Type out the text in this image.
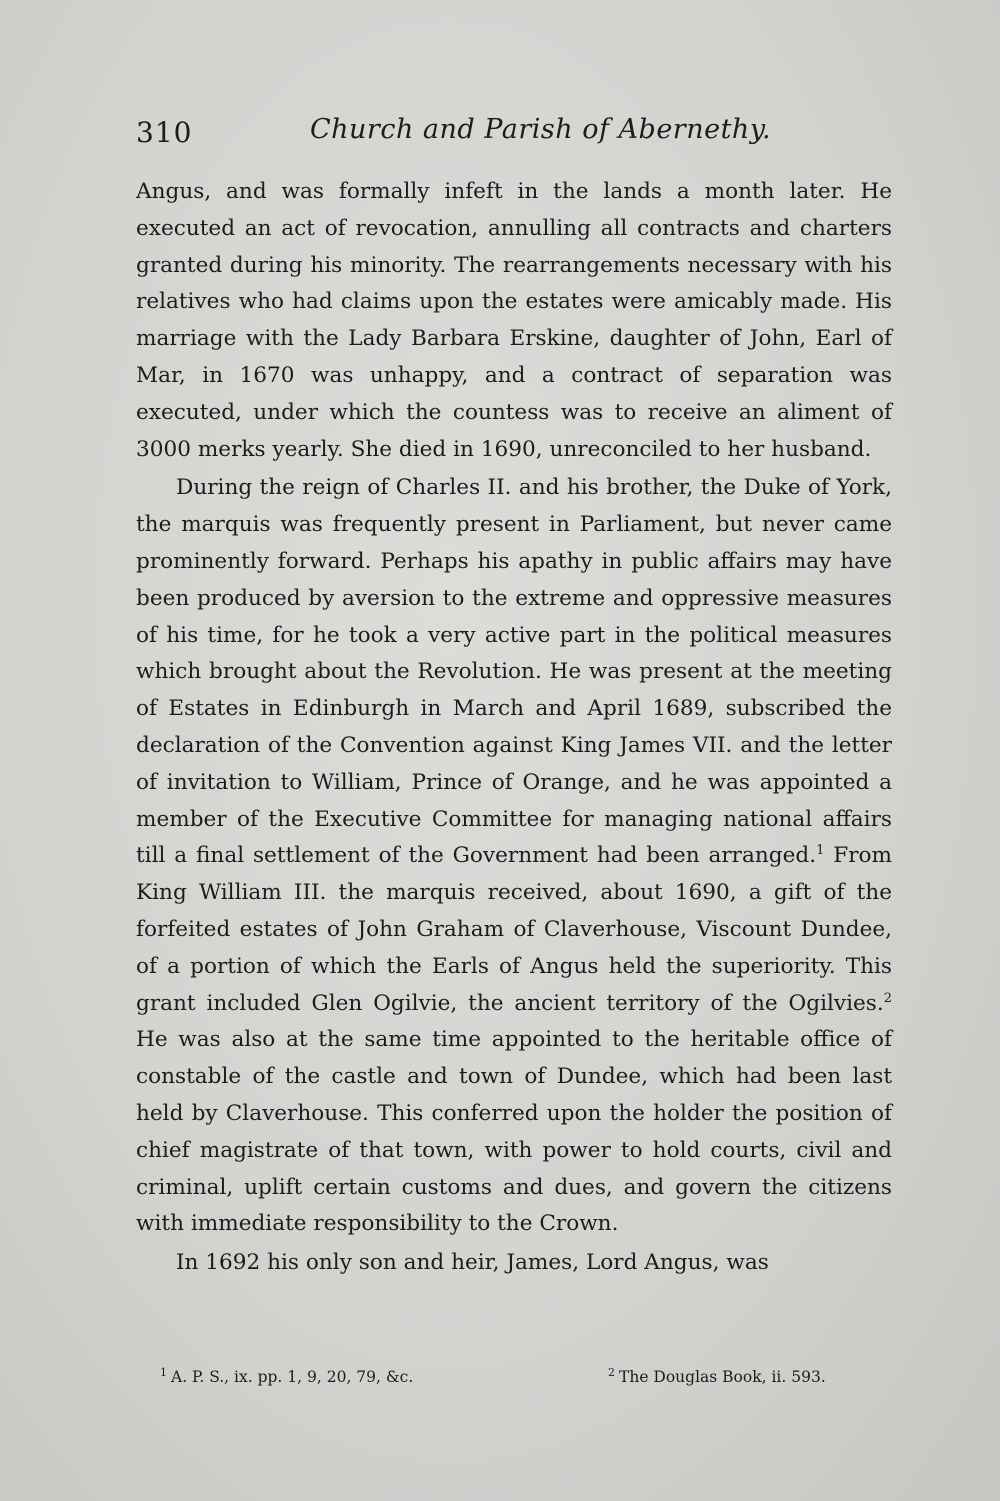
310	Church and Parish of Abernethy.

Angus, and was formally infeft in the lands a month later. He executed an act of revocation, annulling all contracts and charters granted during his minority. The rearrangements necessary with his relatives who had claims upon the estates were amicably made. His marriage with the Lady Barbara Erskine, daughter of John, Earl of Mar, in 1670 was unhappy, and a contract of separation was executed, under which the countess was to receive an aliment of 3000 merks yearly. She died in 1690, unreconciled to her husband.

During the reign of Charles II. and his brother, the Duke of York, the marquis was frequently present in Parliament, but never came prominently forward. Perhaps his apathy in public affairs may have been produced by aversion to the extreme and oppressive measures of his time, for he took a very active part in the political measures which brought about the Revolution. He was present at the meeting of Estates in Edinburgh in March and April 1689, subscribed the declaration of the Convention against King James VII. and the letter of invitation to William, Prince of Orange, and he was appointed a member of the Executive Committee for managing national affairs till a final settlement of the Government had been arranged.$^1$ From King William III. the marquis received, about 1690, a gift of the forfeited estates of John Graham of Claverhouse, Viscount Dundee, of a portion of which the Earls of Angus held the superiority. This grant included Glen Ogilvie, the ancient territory of the Ogilvies.$^2$ He was also at the same time appointed to the heritable office of constable of the castle and town of Dundee, which had been last held by Claverhouse. This conferred upon the holder the position of chief magistrate of that town, with power to hold courts, civil and criminal, uplift certain customs and dues, and govern the citizens with immediate responsibility to the Crown.

In 1692 his only son and heir, James, Lord Angus, was

$^1$ A. P. S., ix. pp. 1, 9, 20, 79, &c.	$^2$ The Douglas Book, ii. 593.
